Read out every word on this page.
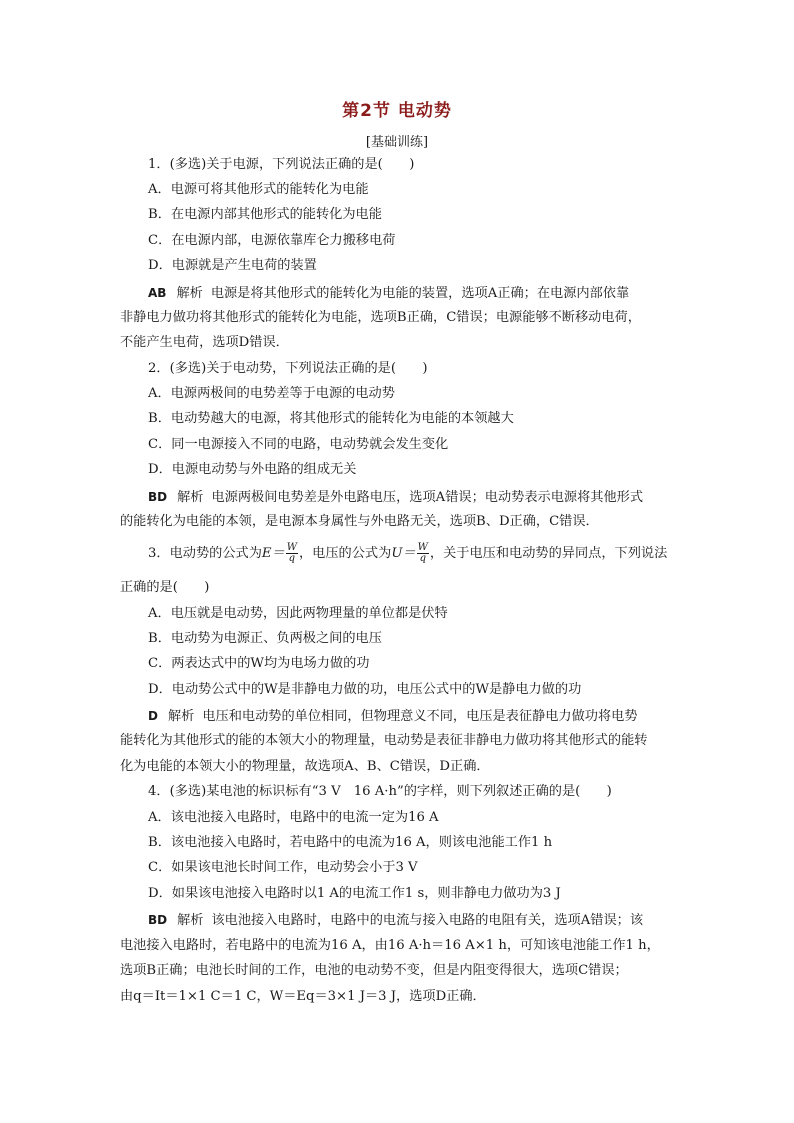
第2节 电动势
[基础训练]
1．(多选)关于电源，下列说法正确的是(　　)
A．电源可将其他形式的能转化为电能
B．在电源内部其他形式的能转化为电能
C．在电源内部，电源依靠库仑力搬移电荷
D．电源就是产生电荷的装置
AB 解析 电源是将其他形式的能转化为电能的装置，选项A正确；在电源内部依靠
非静电力做功将其他形式的能转化为电能，选项B正确，C错误；电源能够不断移动电荷，
不能产生电荷，选项D错误．
2．(多选)关于电动势，下列说法正确的是(　　)
A．电源两极间的电势差等于电源的电动势
B．电动势越大的电源，将其他形式的能转化为电能的本领越大
C．同一电源接入不同的电路，电动势就会发生变化
D．电源电动势与外电路的组成无关
BD 解析 电源两极间电势差是外电路电压，选项A错误；电动势表示电源将其他形式
的能转化为电能的本领，是电源本身属性与外电路无关，选项B、D正确，C错误．
3．电动势的公式为$E= \frac{W}{q}$ ，电压的公式为$U= \frac{W}{q}$ ，关于电压和电动势的异同点，下列说法
正确的是(　　)
A．电压就是电动势，因此两物理量的单位都是伏特
B．电动势为电源正、负两极之间的电压
C．两表达式中的W均为电场力做的功
D．电动势公式中的W是非静电力做的功，电压公式中的W是静电力做的功
D 解析 电压和电动势的单位相同，但物理意义不同，电压是表征静电力做功将电势
能转化为其他形式的能的本领大小的物理量，电动势是表征非静电力做功将其他形式的能转
化为电能的本领大小的物理量，故选项A、B、C错误，D正确．
4．(多选)某电池的标识标有“3 V　16 A·h”的字样，则下列叙述正确的是(　　)
A．该电池接入电路时，电路中的电流一定为16 A
B．该电池接入电路时，若电路中的电流为16 A，则该电池能工作1 h
C．如果该电池长时间工作，电动势会小于3 V
D．如果该电池接入电路时以1 A的电流工作1 s，则非静电力做功为3 J
BD 解析 该电池接入电路时，电路中的电流与接入电路的电阻有关，选项A错误；该
电池接入电路时，若电路中的电流为16 A，由16 A·h＝16 A×1 h，可知该电池能工作1 h，
选项B正确；电池长时间的工作，电池的电动势不变，但是内阻变得很大，选项C错误；
由q＝It＝1×1 C＝1 C，W＝Eq＝3×1 J＝3 J，选项D正确．
